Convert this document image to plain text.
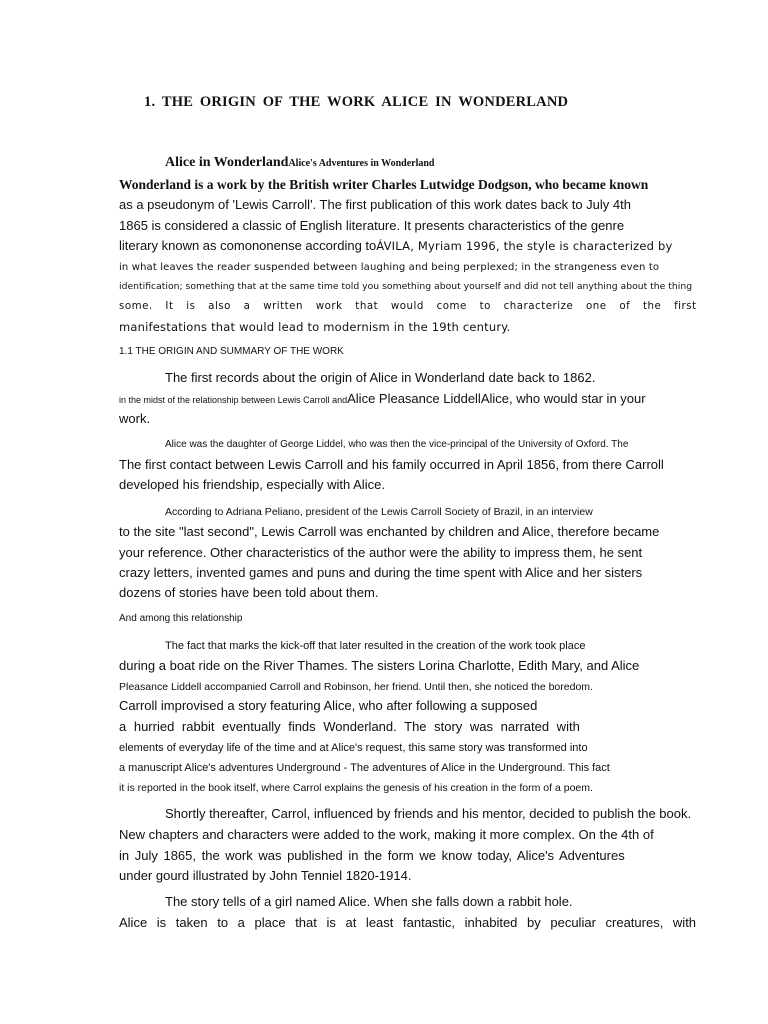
1. THE ORIGIN OF THE WORK ALICE IN WONDERLAND
Alice in WonderlandAlice's Adventures in Wonderland
Wonderland is a work by the British writer Charles Lutwidge Dodgson, who became known
as a pseudonym of 'Lewis Carroll'. The first publication of this work dates back to July 4th
1865 is considered a classic of English literature. It presents characteristics of the genre
literary known as comononense according toÁVILA, Myriam 1996, the style is characterized by
in what leaves the reader suspended between laughing and being perplexed; in the strangeness even to
identification; something that at the same time told you something about yourself and did not tell anything about the thing
some. It is also a written work that would come to characterize one of the first
manifestations that would lead to modernism in the 19th century.
1.1 THE ORIGIN AND SUMMARY OF THE WORK
The first records about the origin of Alice in Wonderland date back to 1862.
in the midst of the relationship between Lewis Carroll andAlice Pleasance LiddellAlice, who would star in your
work.
Alice was the daughter of George Liddel, who was then the vice-principal of the University of Oxford. The
The first contact between Lewis Carroll and his family occurred in April 1856, from there Carroll
developed his friendship, especially with Alice.
According to Adriana Peliano, president of the Lewis Carroll Society of Brazil, in an interview
to the site "last second", Lewis Carroll was enchanted by children and Alice, therefore became
your reference. Other characteristics of the author were the ability to impress them, he sent
crazy letters, invented games and puns and during the time spent with Alice and her sisters
dozens of stories have been told about them.
And among this relationship
The fact that marks the kick-off that later resulted in the creation of the work took place
during a boat ride on the River Thames. The sisters Lorina Charlotte, Edith Mary, and Alice
Pleasance Liddell accompanied Carroll and Robinson, her friend. Until then, she noticed the boredom.
Carroll improvised a story featuring Alice, who after following a supposed
a hurried rabbit eventually finds Wonderland. The story was narrated with
elements of everyday life of the time and at Alice's request, this same story was transformed into
a manuscript Alice's adventures Underground - The adventures of Alice in the Underground. This fact
it is reported in the book itself, where Carrol explains the genesis of his creation in the form of a poem.
Shortly thereafter, Carrol, influenced by friends and his mentor, decided to publish the book.
New chapters and characters were added to the work, making it more complex. On the 4th of
in July 1865, the work was published in the form we know today, Alice's Adventures
under gourd illustrated by John Tenniel 1820-1914.
The story tells of a girl named Alice. When she falls down a rabbit hole.
Alice is taken to a place that is at least fantastic, inhabited by peculiar creatures, with
